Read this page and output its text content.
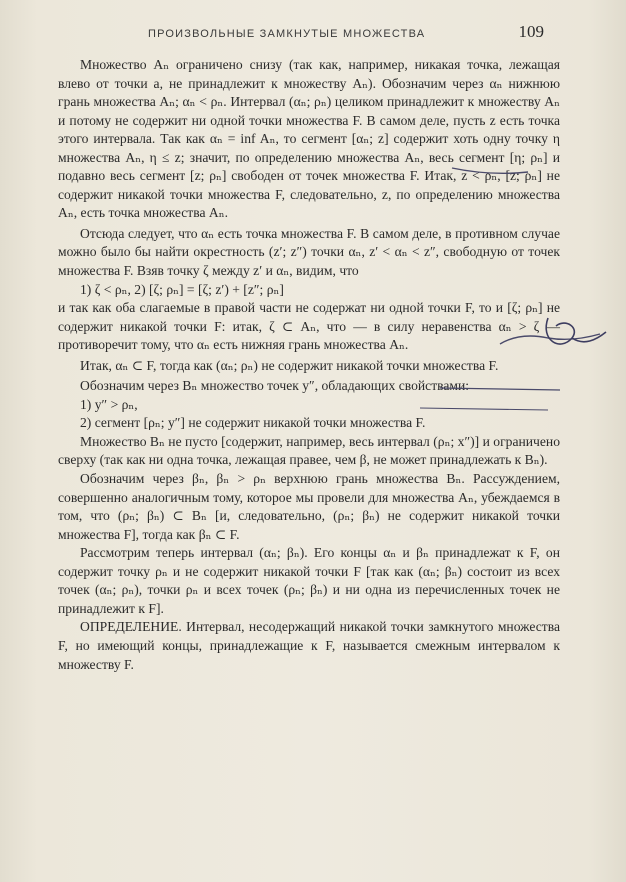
ПРОИЗВОЛЬНЫЕ ЗАМКНУТЫЕ МНОЖЕСТВА	109

Множество Aₙ ограничено снизу (так как, например, никакая точка, лежащая влево от точки a, не принадлежит к множеству Aₙ). Обозначим через αₙ нижнюю грань множества Aₙ; αₙ < ρₙ. Интервал (αₙ; ρₙ) целиком принадлежит к множеству Aₙ и потому не содержит ни одной точки множества F. В самом деле, пусть z есть точка этого интервала. Так как αₙ = inf Aₙ, то сегмент [αₙ; z] содержит хоть одну точку η множества Aₙ, η ≤ z; значит, по определению множества Aₙ, весь сегмент [η; ρₙ] и подавно весь сегмент [z; ρₙ] свободен от точек множества F. Итак, z < ρₙ, [z; ρₙ] не содержит никакой точки множества F, следовательно, z, по определению множества Aₙ, есть точка множества Aₙ.

Отсюда следует, что αₙ есть точка множества F. В самом деле, в противном случае можно было бы найти окрестность (z′; z″) точки αₙ, z′ < αₙ < z″, свободную от точек множества F. Взяв точку ζ между z′ и αₙ, видим, что

1) ζ < ρₙ, 2) [ζ; ρₙ] = [ζ; z′) + [z″; ρₙ]

и так как оба слагаемые в правой части не содержат ни одной точки F, то и [ζ; ρₙ] не содержит никакой точки F: итак, ζ ⊂ Aₙ, что — в силу неравенства αₙ > ζ — противоречит тому, что αₙ есть нижняя грань множества Aₙ.

Итак, αₙ ⊂ F, тогда как (αₙ; ρₙ) не содержит никакой точки множества F.

Обозначим через Bₙ множество точек y″, обладающих свойствами:

1) y″ > ρₙ,

2) сегмент [ρₙ; y″] не содержит никакой точки множества F.

Множество Bₙ не пусто [содержит, например, весь интервал (ρₙ; x″)] и ограничено сверху (так как ни одна точка, лежащая правее, чем β, не может принадлежать к Bₙ).

Обозначим через βₙ, βₙ > ρₙ верхнюю грань множества Bₙ. Рассуждением, совершенно аналогичным тому, которое мы провели для множества Aₙ, убеждаемся в том, что (ρₙ; βₙ) ⊂ Bₙ [и, следовательно, (ρₙ; βₙ) не содержит никакой точки множества F], тогда как βₙ ⊂ F.

Рассмотрим теперь интервал (αₙ; βₙ). Его концы αₙ и βₙ принадлежат к F, он содержит точку ρₙ и не содержит никакой точки F [так как (αₙ; βₙ) состоит из всех точек (αₙ; ρₙ), точки ρₙ и всех точек (ρₙ; βₙ) и ни одна из перечисленных точек не принадлежит к F].

ОПРЕДЕЛЕНИЕ. Интервал, несодержащий никакой точки замкнутого множества F, но имеющий концы, принадлежащие к F, называется смежным интервалом к множеству F.
